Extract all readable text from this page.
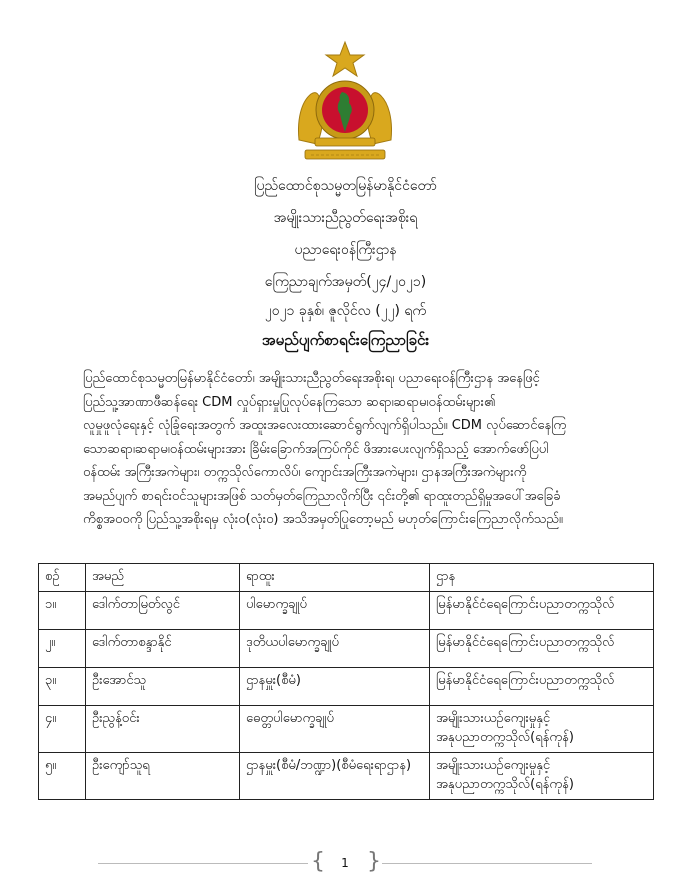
ပြည်ထောင်စုသမ္မတမြန်မာနိုင်ငံတော်
အမျိုးသားညီညွတ်ရေးအစိုးရ
ပညာရေးဝန်ကြီးဌာန
ကြေညာချက်အမှတ်(၂၄/၂၀၂၁)
၂၀၂၁ ခုနှစ်၊ ဇူလိုင်လ (၂၂) ရက်
အမည်ပျက်စာရင်းကြေညာခြင်း
ပြည်ထောင်စုသမ္မတမြန်မာနိုင်ငံတော်၊ အမျိုးသားညီညွတ်ရေးအစိုးရ၊ ပညာရေးဝန်ကြီးဌာန အနေဖြင့်
ပြည်သူ့အာဏာဖီဆန်ရေး CDM လှုပ်ရှားမှုပြုလုပ်နေကြသော ဆရာ၊ဆရာမ၊ဝန်ထမ်းများ၏
လူမှုဖူလုံရေးနှင့် လုံခြုံရေးအတွက် အထူးအလေးထားဆောင်ရွက်လျက်ရှိပါသည်။ CDM လုပ်ဆောင်နေကြ
သောဆရာ၊ဆရာမ၊ဝန်ထမ်းများအား ခြိမ်းခြောက်အကြပ်ကိုင် ဖိအားပေးလျက်ရှိသည့် အောက်ဖော်ပြပါ
ဝန်ထမ်း အကြီးအကဲများ၊ တက္ကသိုလ်ကောလိပ်၊ ကျောင်းအကြီးအကဲများ၊ ဌာနအကြီးအကဲများကို
အမည်ပျက် စာရင်းဝင်သူများအဖြစ် သတ်မှတ်ကြေညာလိုက်ပြီး ၎င်းတို့၏ ရာထူးတည်ရှိမှုအပေါ်အခြေခံ
ကိစ္စအဝဝကို ပြည်သူ့အစိုးရမှ လုံးဝ(လုံးဝ) အသိအမှတ်ပြုတော့မည် မဟုတ်ကြောင်းကြေညာလိုက်သည်။
စဉ်	အမည်	ရာထူး	ဌာန
၁။	ဒေါက်တာမြတ်လွင်	ပါမောက္ခချုပ်	မြန်မာနိုင်ငံရေကြောင်းပညာတက္ကသိုလ်

၂။	ဒေါက်တာစန္ဒာနိုင်	ဒုတိယပါမောက္ခချုပ်	မြန်မာနိုင်ငံရေကြောင်းပညာတက္ကသိုလ်

၃။	ဦးအောင်သူ	ဌာနမှူး(စီမံ)	မြန်မာနိုင်ငံရေကြောင်းပညာတက္ကသိုလ်

၄။	ဦးညွန့်ဝင်း	ဓေတ္တပါမောက္ခချုပ်	အမျိုးသားယဉ်ကျေးမှုနှင့်
အနုပညာတက္ကသိုလ်(ရန်ကုန်)

၅။	ဦးကျော်သူရ	ဌာနမှူး(စီမံ/ဘဏ္ဍာ)(စီမံရေးရာဌာန)	အမျိုးသားယဉ်ကျေးမှုနှင့်
အနုပညာတက္ကသိုလ်(ရန်ကုန်)
{ }
1
